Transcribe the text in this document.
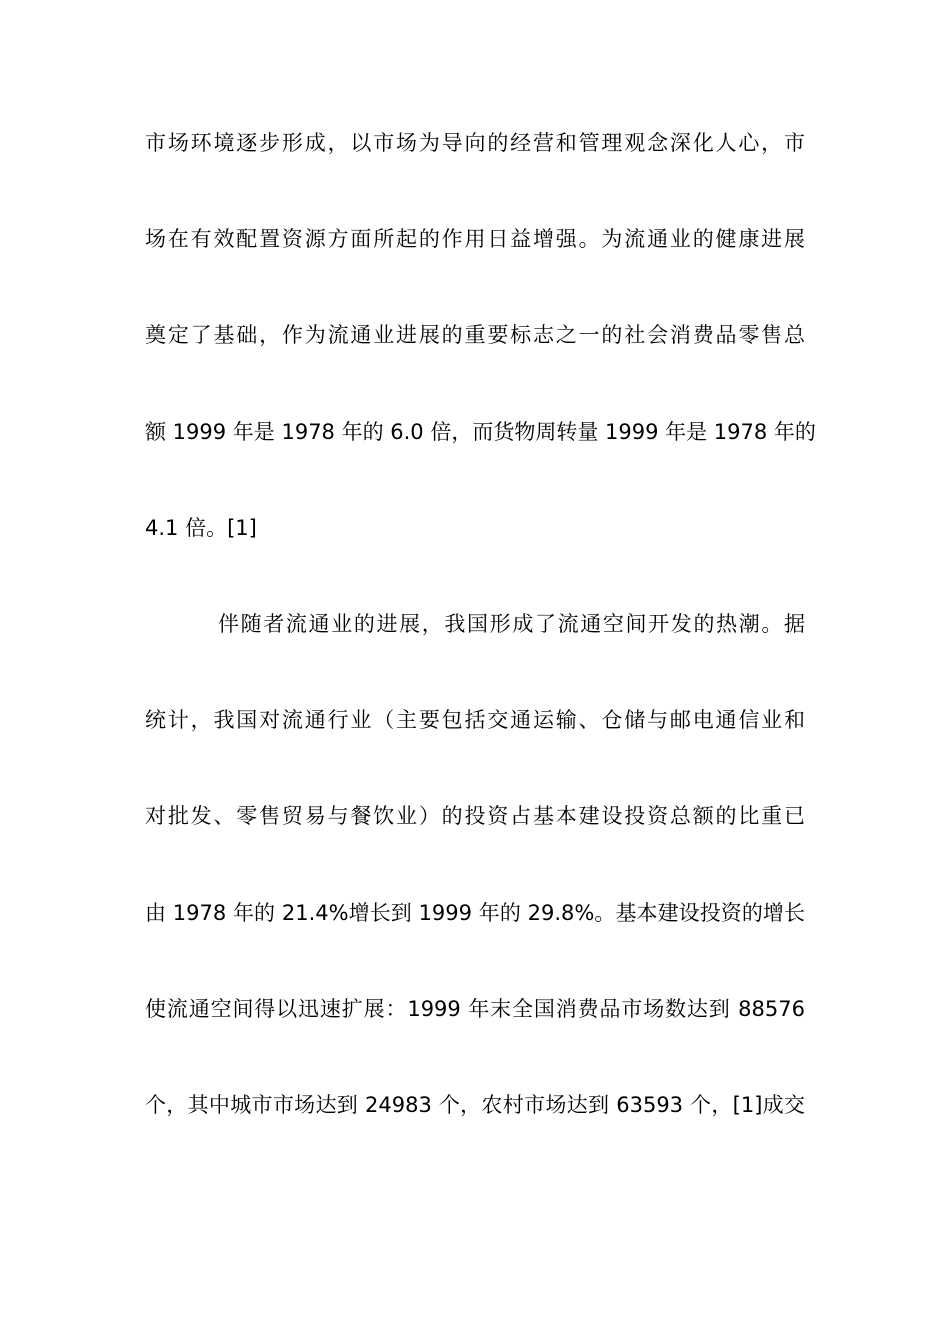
市场环境逐步形成，以市场为导向的经营和管理观念深化人心，市
场在有效配置资源方面所起的作用日益增强。为流通业的健康进展
奠定了基础，作为流通业进展的重要标志之一的社会消费品零售总
额 1999 年是 1978 年的 6.0 倍，而货物周转量 1999 年是 1978 年的
4.1 倍。[1]
伴随者流通业的进展，我国形成了流通空间开发的热潮。据
统计，我国对流通行业（主要包括交通运输、仓储与邮电通信业和
对批发、零售贸易与餐饮业）的投资占基本建设投资总额的比重已
由 1978 年的 21.4%增长到 1999 年的 29.8%。基本建设投资的增长
使流通空间得以迅速扩展：1999 年末全国消费品市场数达到 88576
个，其中城市市场达到 24983 个，农村市场达到 63593 个，[1]成交
